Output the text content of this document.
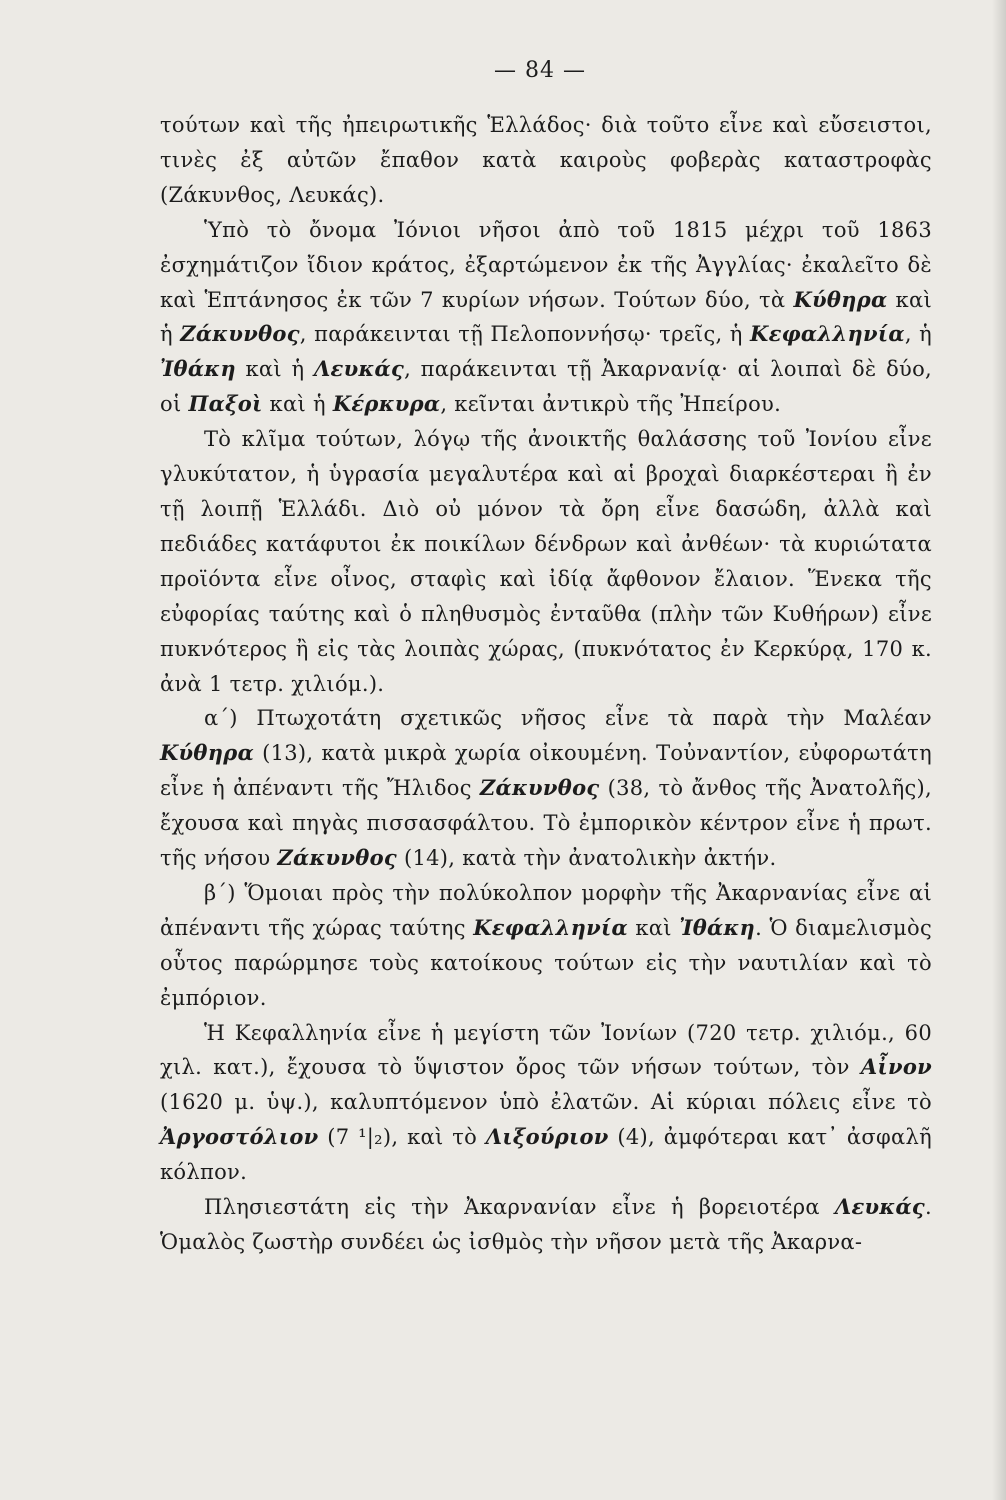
— 84 —

τούτων καὶ τῆς ἠπειρωτικῆς Ἑλλάδος· διὰ τοῦτο εἶνε καὶ εὔσειστοι, τινὲς ἐξ αὐτῶν ἔπαθον κατὰ καιροὺς φοβερὰς καταστροφὰς (Ζάκυνθος, Λευκάς).

Ὑπὸ τὸ ὄνομα Ἰόνιοι νῆσοι ἀπὸ τοῦ 1815 μέχρι τοῦ 1863 ἐσχημάτιζον ἴδιον κράτος, ἐξαρτώμενον ἐκ τῆς Ἀγγλίας· ἐκαλεῖτο δὲ καὶ Ἑπτάνησος ἐκ τῶν 7 κυρίων νήσων. Τούτων δύο, τὰ Κύθηρα καὶ ἡ Ζάκυνθος, παράκεινται τῇ Πελοποννήσῳ· τρεῖς, ἡ Κεφαλληνία, ἡ Ἰθάκη καὶ ἡ Λευκάς, παράκεινται τῇ Ἀκαρνανίᾳ· αἱ λοιπαὶ δὲ δύο, οἱ Παξοὶ καὶ ἡ Κέρκυρα, κεῖνται ἀντικρὺ τῆς Ἠπείρου.

Τὸ κλῖμα τούτων, λόγῳ τῆς ἀνοικτῆς θαλάσσης τοῦ Ἰονίου εἶνε γλυκύτατον, ἡ ὑγρασία μεγαλυτέρα καὶ αἱ βροχαὶ διαρκέστεραι ἢ ἐν τῇ λοιπῇ Ἑλλάδι. Διὸ οὐ μόνον τὰ ὄρη εἶνε δασώδη, ἀλλὰ καὶ πεδιάδες κατάφυτοι ἐκ ποικίλων δένδρων καὶ ἀνθέων· τὰ κυριώτατα προϊόντα εἶνε οἶνος, σταφὶς καὶ ἰδίᾳ ἄφθονον ἔλαιον. Ἕνεκα τῆς εὐφορίας ταύτης καὶ ὁ πληθυσμὸς ἐνταῦθα (πλὴν τῶν Κυθήρων) εἶνε πυκνότερος ἢ εἰς τὰς λοιπὰς χώρας, (πυκνότατος ἐν Κερκύρᾳ, 170 κ. ἀνὰ 1 τετρ. χιλιόμ.).

α΄) Πτωχοτάτη σχετικῶς νῆσος εἶνε τὰ παρὰ τὴν Μαλέαν Κύθηρα (13), κατὰ μικρὰ χωρία οἰκουμένη. Τοὐναντίον, εὐφορωτάτη εἶνε ἡ ἀπέναντι τῆς Ἤλιδος Ζάκυνθος (38, τὸ ἄνθος τῆς Ἀνατολῆς), ἔχουσα καὶ πηγὰς πισσασφάλτου. Τὸ ἐμπορικὸν κέντρον εἶνε ἡ πρωτ. τῆς νήσου Ζάκυνθος (14), κατὰ τὴν ἀνατολικὴν ἀκτήν.

β΄) Ὅμοιαι πρὸς τὴν πολύκολπον μορφὴν τῆς Ἀκαρνανίας εἶνε αἱ ἀπέναντι τῆς χώρας ταύτης Κεφαλληνία καὶ Ἰθάκη. Ὁ διαμελισμὸς οὗτος παρώρμησε τοὺς κατοίκους τούτων εἰς τὴν ναυτιλίαν καὶ τὸ ἐμπόριον.

Ἡ Κεφαλληνία εἶνε ἡ μεγίστη τῶν Ἰονίων (720 τετρ. χιλιόμ., 60 χιλ. κατ.), ἔχουσα τὸ ὕψιστον ὄρος τῶν νήσων τούτων, τὸν Αἶνον (1620 μ. ὑψ.), καλυπτόμενον ὑπὸ ἐλατῶν. Αἱ κύριαι πόλεις εἶνε τὸ Ἀργοστόλιον (7 ¹|₂), καὶ τὸ Λιξούριον (4), ἀμφότεραι κατ᾽ ἀσφαλῆ κόλπον.

Πλησιεστάτη εἰς τὴν Ἀκαρνανίαν εἶνε ἡ βορειοτέρα Λευκάς. Ὁμαλὸς ζωστὴρ συνδέει ὡς ἰσθμὸς τὴν νῆσον μετὰ τῆς Ἀκαρνα-
